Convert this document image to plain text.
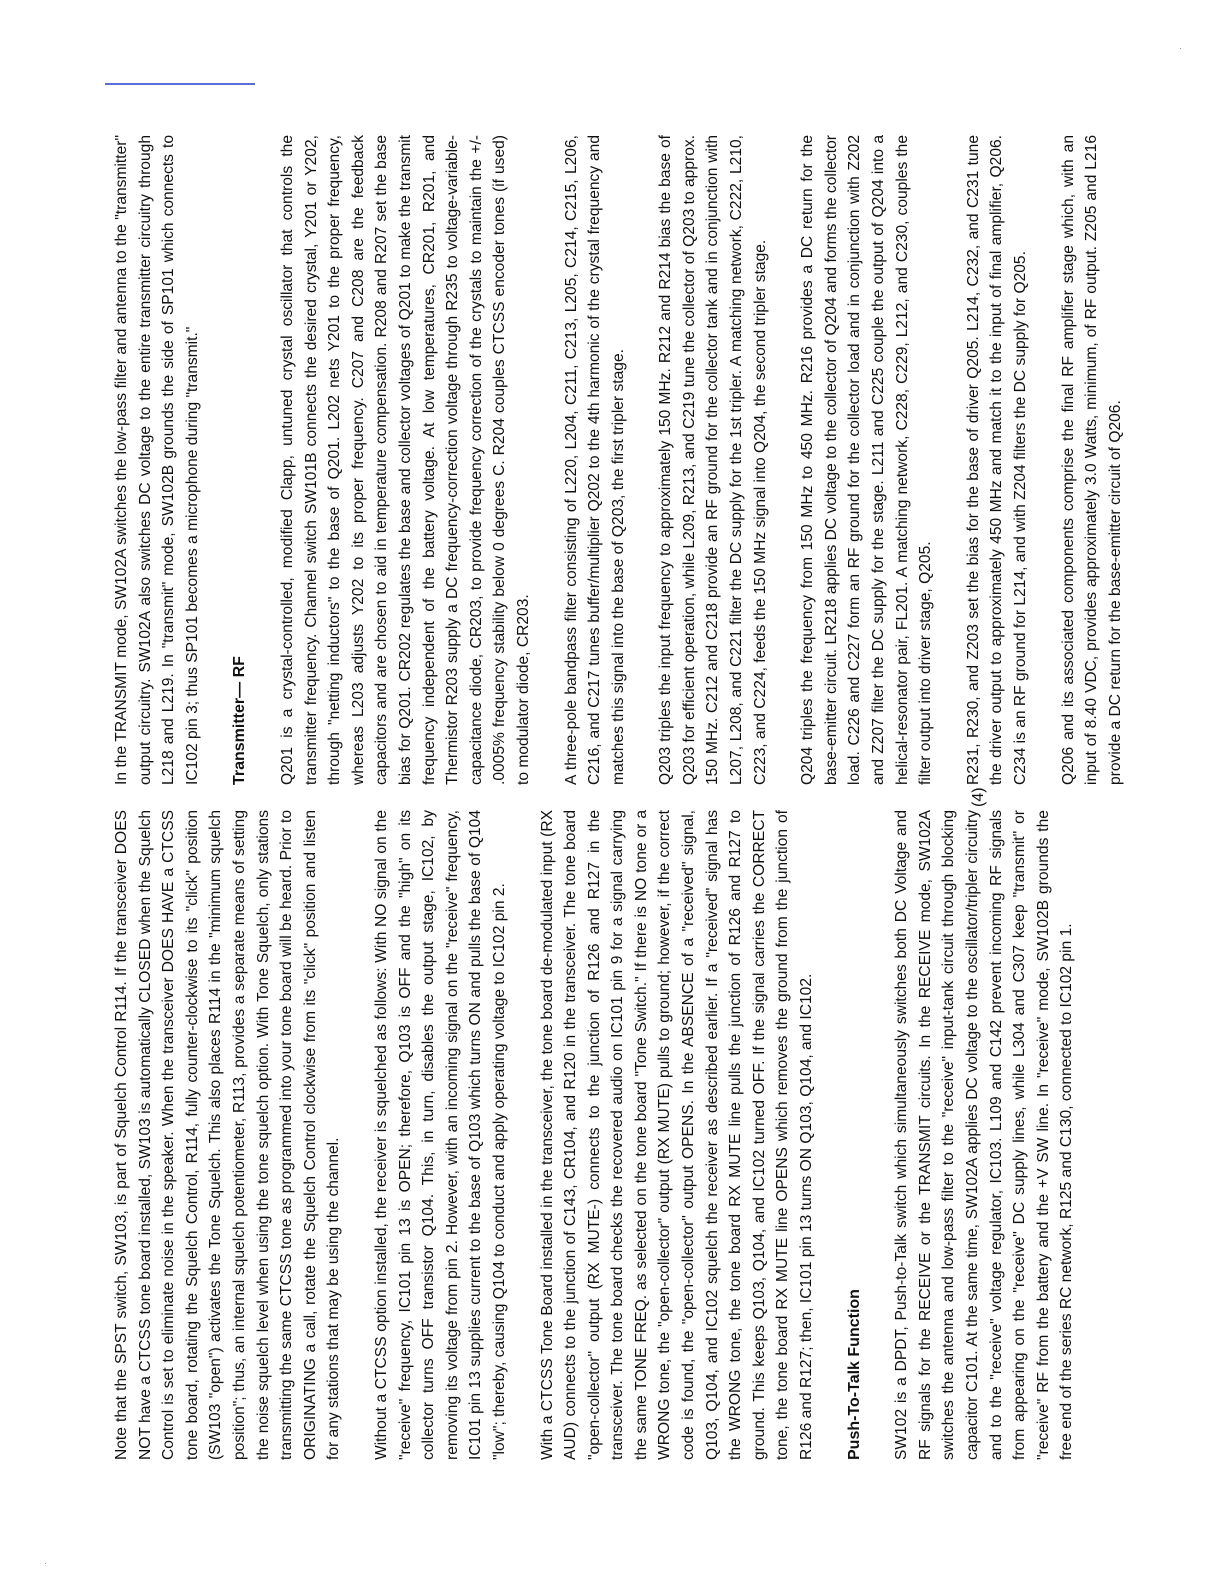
Note that the SPST switch, SW103, is part of Squelch Control R114. If the transceiver DOES NOT have a CTCSS tone board installed, SW103 is automatically CLOSED when the Squelch Control is set to eliminate noise in the speaker. When the transceiver DOES HAVE a CTCSS tone board, rotating the Squelch Control, R114, fully counter-clockwise to its "click" position (SW103 "open") activates the Tone Squelch. This also places R114 in the "minimum squelch position"; thus, an internal squelch potentiometer, R113, provides a separate means of setting the noise squelch level when using the tone squelch option. With Tone Squelch, only stations transmitting the same CTCSS tone as programmed into your tone board will be heard. Prior to ORIGINATING a call, rotate the Squelch Control clockwise from its "click" position and listen for any stations that may be using the channel. Without a CTCSS option installed, the receiver is squelched as follows: With NO signal on the "receive" frequency, IC101 pin 13 is OPEN; therefore, Q103 is OFF and the "high" on its collector turns OFF transistor Q104. This, in turn, disables the output stage, IC102, by removing its voltage from pin 2. However, with an incoming signal on the "receive" frequency, IC101 pin 13 supplies current to the base of Q103 which turns ON and pulls the base of Q104 "low"; thereby, causing Q104 to conduct and apply operating voltage to IC102 pin 2. With a CTCSS Tone Board installed in the transceiver, the tone board de-modulated input (RX AUD) connects to the junction of C143, CR104, and R120 in the transceiver. The tone board "open-collector" output (RX MUTE-) connects to the junction of R126 and R127 in the transceiver. The tone board checks the recovered audio on IC101 pin 9 for a signal carrying the same TONE FREQ. as selected on the tone board "Tone Switch." If there is NO tone or a WRONG tone, the "open-collector" output (RX MUTE) pulls to ground; however, if the correct code is found, the "open-collector" output OPENS. In the ABSENCE of a "received" signal, Q103, Q104, and IC102 squelch the receiver as described earlier. If a "received" signal has the WRONG tone, the tone board RX MUTE line pulls the junction of R126 and R127 to ground. This keeps Q103, Q104, and IC102 turned OFF. If the signal carries the CORRECT tone, the tone board RX MUTE line OPENS which removes the ground from the junction of R126 and R127; then, IC101 pin 13 turns ON Q103, Q104, and IC102. Push-To-Talk Function SW102 is a DPDT, Push-to-Talk switch which simultaneously switches both DC Voltage and RF signals for the RECEIVE or the TRANSMIT circuits. In the RECEIVE mode, SW102A switches the antenna and low-pass filter to the "receive" input-tank circuit through blocking capacitor C101. At the same time, SW102A applies DC voltage to the oscillator/tripler circuitry and to the "receive" voltage regulator, IC103. L109 and C142 prevent incoming RF signals from appearing on the "receive" DC supply lines, while L304 and C307 keep "transmit" or "receive" RF from the battery and the +V SW line. In "receive" mode, SW102B grounds the free end of the series RC network, R125 and C130, connected to IC102 pin 1.

In the TRANSMIT mode, SW102A switches the low-pass filter and antenna to the "transmitter" output circuitry. SW102A also switches DC voltage to the entire transmitter circuitry through L218 and L219. In "transmit" mode, SW102B grounds the side of SP101 which connects to IC102 pin 3; thus SP101 becomes a microphone during "transmit." Transmitter— RF Q201 is a crystal-controlled, modified Clapp, untuned crystal oscillator that controls the transmitter frequency. Channel switch SW101B connects the desired crystal, Y201 or Y202, through "netting inductors" to the base of Q201. L202 nets Y201 to the proper frequency, whereas L203 adjusts Y202 to its proper frequency. C207 and C208 are the feedback capacitors and are chosen to aid in temperature compensation. R208 and R207 set the base bias for Q201. CR202 regulates the base and collector voltages of Q201 to make the transmit frequency independent of the battery voltage. At low temperatures, CR201, R201, and Thermistor R203 supply a DC frequency-correction voltage through R235 to voltage-variable-capacitance diode, CR203, to provide frequency correction of the crystals to maintain the +/- .0005% frequency stability below 0 degrees C. R204 couples CTCSS encoder tones (if used) to modulator diode, CR203. A three-pole bandpass filter consisting of L220, L204, C211, C213, L205, C214, C215, L206, C216, and C217 tunes buffer/multiplier Q202 to the 4th harmonic of the crystal frequency and matches this signal into the base of Q203, the first tripler stage. Q203 triples the input frequency to approximately 150 MHz. R212 and R214 bias the base of Q203 for efficient operation, while L209, R213, and C219 tune the collector of Q203 to approx. 150 MHz. C212 and C218 provide an RF ground for the collector tank and in conjunction with L207, L208, and C221 filter the DC supply for the 1st tripler. A matching network, C222, L210, C223, and C224, feeds the 150 MHz signal into Q204, the second tripler stage. Q204 triples the frequency from 150 MHz to 450 MHz. R216 provides a DC return for the base-emitter circuit. LR218 applies DC voltage to the collector of Q204 and forms the collector load. C226 and C227 form an RF ground for the collector load and in conjunction with Z202 and Z207 filter the DC supply for the stage. L211 and C225 couple the output of Q204 into a helical-resonator pair, FL201. A matching network, C228, C229, L212, and C230, couples the filter output into driver stage, Q205. R231, R230, and Z203 set the bias for the base of driver Q205. L214, C232, and C231 tune the driver output to approximately 450 MHz and match it to the input of final amplifier, Q206. C234 is an RF ground for L214, and with Z204 filters the DC supply for Q205. Q206 and its associated components comprise the final RF amplifier stage which, with an input of 8.40 VDC, provides approximately 3.0 Watts, minimum, of RF output. Z205 and L216 provide a DC return for the base-emitter circuit of Q206.

(4)
·
·
